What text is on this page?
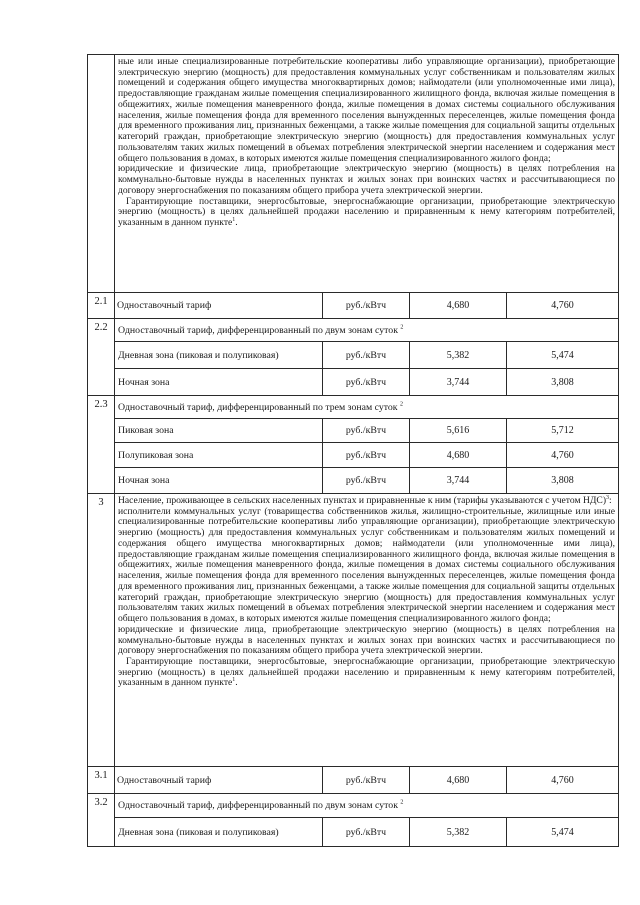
	ные или иные специализированные потребительские кооперативы либо управляющие организации), приобретающие электрическую энергию (мощность) для предоставления коммунальных услуг собственникам и пользователям жилых помещений и содержания общего имущества многоквартирных домов; наймодатели (или уполномоченные ими лица), предоставляющие гражданам жилые помещения специализированного жилищного фонда, включая жилые помещения в общежитиях, жилые помещения маневренного фонда, жилые помещения в домах системы социального обслуживания населения, жилые помещения фонда для временного поселения вынужденных переселенцев, жилые помещения фонда для временного проживания лиц, признанных беженцами, а также жилые помещения для социальной защиты отдельных категорий граждан, приобретающие электрическую энергию (мощность) для предоставления коммунальных услуг пользователям таких жилых помещений в объемах потребления электрической энергии населением и содержания мест общего пользования в домах, в которых имеются жилые помещения специализированного жилого фонда;

юридические и физические лица, приобретающие электрическую энергию (мощность) в целях потребления на коммунально-бытовые нужды в населенных пунктах и жилых зонах при воинских частях и рассчитывающиеся по договору энергоснабжения по показаниям общего прибора учета электрической энергии.

Гарантирующие поставщики, энергосбытовые, энергоснабжающие организации, приобретающие электрическую энергию (мощность) в целях дальнейшей продажи населению и приравненным к нему категориям потребителей, указанным в данном пункте$^1$.			

2.1	Одноставочный тариф	руб./кВтч	4,680	4,760
2.2	Одноставочный тариф, дифференцированный по двум зонам суток $^2$
	Дневная зона (пиковая и полупиковая)	руб./кВтч	5,382	5,474
	Ночная зона	руб./кВтч	3,744	3,808
2.3	Одноставочный тариф, дифференцированный по трем зонам суток $^2$
	Пиковая зона	руб./кВтч	5,616	5,712
	Полупиковая зона	руб./кВтч	4,680	4,760
	Ночная зона	руб./кВтч	3,744	3,808
3	Население, проживающее в сельских населенных пунктах и приравненные к ним (тарифы указываются с учетом НДС)$^3$:

исполнители коммунальных услуг (товарищества собственников жилья, жилищно-строительные, жилищные или иные специализированные потребительские кооперативы либо управляющие организации), приобретающие электрическую энергию (мощность) для предоставления коммунальных услуг собственникам и пользователям жилых помещений и содержания общего имущества многоквартирных домов; наймодатели (или уполномоченные ими лица), предоставляющие гражданам жилые помещения специализированного жилищного фонда, включая жилые помещения в общежитиях, жилые помещения маневренного фонда, жилые помещения в домах системы социального обслуживания населения, жилые помещения фонда для временного поселения вынужденных переселенцев, жилые помещения фонда для временного проживания лиц, признанных беженцами, а также жилые помещения для социальной защиты отдельных категорий граждан, приобретающие электрическую энергию (мощность) для предоставления коммунальных услуг пользователям таких жилых помещений в объемах потребления электрической энергии населением и содержания мест общего пользования в домах, в которых имеются жилые помещения специализированного жилого фонда;

юридические и физические лица, приобретающие электрическую энергию (мощность) в целях потребления на коммунально-бытовые нужды в населенных пунктах и жилых зонах при воинских частях и рассчитывающиеся по договору энергоснабжения по показаниям общего прибора учета электрической энергии.

Гарантирующие поставщики, энергосбытовые, энергоснабжающие организации, приобретающие электрическую энергию (мощность) в целях дальнейшей продажи населению и приравненным к нему категориям потребителей, указанным в данном пункте$^1$.			

3.1	Одноставочный тариф	руб./кВтч	4,680	4,760
3.2	Одноставочный тариф, дифференцированный по двум зонам суток $^2$
	Дневная зона (пиковая и полупиковая)	руб./кВтч	5,382	5,474
